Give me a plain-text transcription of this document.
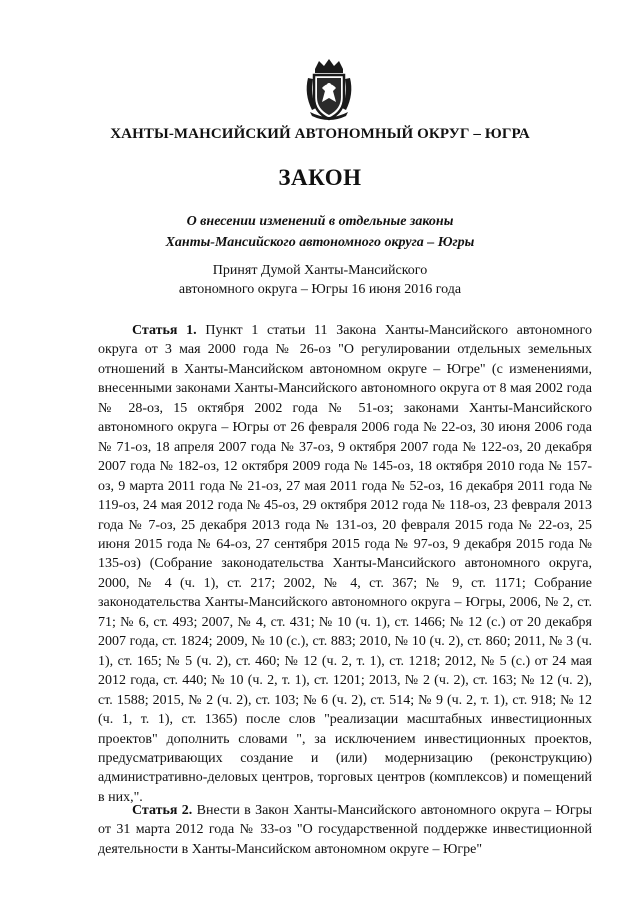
ХАНТЫ-МАНСИЙСКИЙ АВТОНОМНЫЙ ОКРУГ – ЮГРА
ЗАКОН
О внесении изменений в отдельные законы
Ханты-Мансийского автономного округа – Югры
Принят Думой Ханты-Мансийского
автономного округа – Югры 16 июня 2016 года

Статья 1. Пункт 1 статьи 11 Закона Ханты-Мансийского автономного округа от 3 мая 2000 года № 26-оз "О регулировании отдельных земельных отношений в Ханты-Мансийском автономном округе – Югре" (с изменениями, внесенными законами Ханты-Мансийского автономного округа от 8 мая 2002 года № 28-оз, 15 октября 2002 года № 51-оз; законами Ханты-Мансийского автономного округа – Югры от 26 февраля 2006 года № 22-оз, 30 июня 2006 года № 71-оз, 18 апреля 2007 года № 37-оз, 9 октября 2007 года № 122-оз, 20 декабря 2007 года № 182-оз, 12 октября 2009 года № 145-оз, 18 октября 2010 года № 157-оз, 9 марта 2011 года № 21-оз, 27 мая 2011 года № 52-оз, 16 декабря 2011 года № 119-оз, 24 мая 2012 года № 45-оз, 29 октября 2012 года № 118-оз, 23 февраля 2013 года № 7-оз, 25 декабря 2013 года № 131-оз, 20 февраля 2015 года № 22-оз, 25 июня 2015 года № 64-оз, 27 сентября 2015 года № 97-оз, 9 декабря 2015 года № 135-оз) (Собрание законодательства Ханты-Мансийского автономного округа, 2000, № 4 (ч. 1), ст. 217; 2002, № 4, ст. 367; № 9, ст. 1171; Собрание законодательства Ханты-Мансийского автономного округа – Югры, 2006, № 2, ст. 71; № 6, ст. 493; 2007, № 4, ст. 431; № 10 (ч. 1), ст. 1466; № 12 (с.) от 20 декабря 2007 года, ст. 1824; 2009, № 10 (с.), ст. 883; 2010, № 10 (ч. 2), ст. 860; 2011, № 3 (ч. 1), ст. 165; № 5 (ч. 2), ст. 460; № 12 (ч. 2, т. 1), ст. 1218; 2012, № 5 (с.) от 24 мая 2012 года, ст. 440; № 10 (ч. 2, т. 1), ст. 1201; 2013, № 2 (ч. 2), ст. 163; № 12 (ч. 2), ст. 1588; 2015, № 2 (ч. 2), ст. 103; № 6 (ч. 2), ст. 514; № 9 (ч. 2, т. 1), ст. 918; № 12 (ч. 1, т. 1), ст. 1365) после слов "реализации масштабных инвестиционных проектов" дополнить словами ", за исключением инвестиционных проектов, предусматривающих создание и (или) модернизацию (реконструкцию) административно-деловых центров, торговых центров (комплексов) и помещений в них,".

Статья 2. Внести в Закон Ханты-Мансийского автономного округа – Югры от 31 марта 2012 года № 33-оз "О государственной поддержке инвестиционной деятельности в Ханты-Мансийском автономном округе – Югре"
